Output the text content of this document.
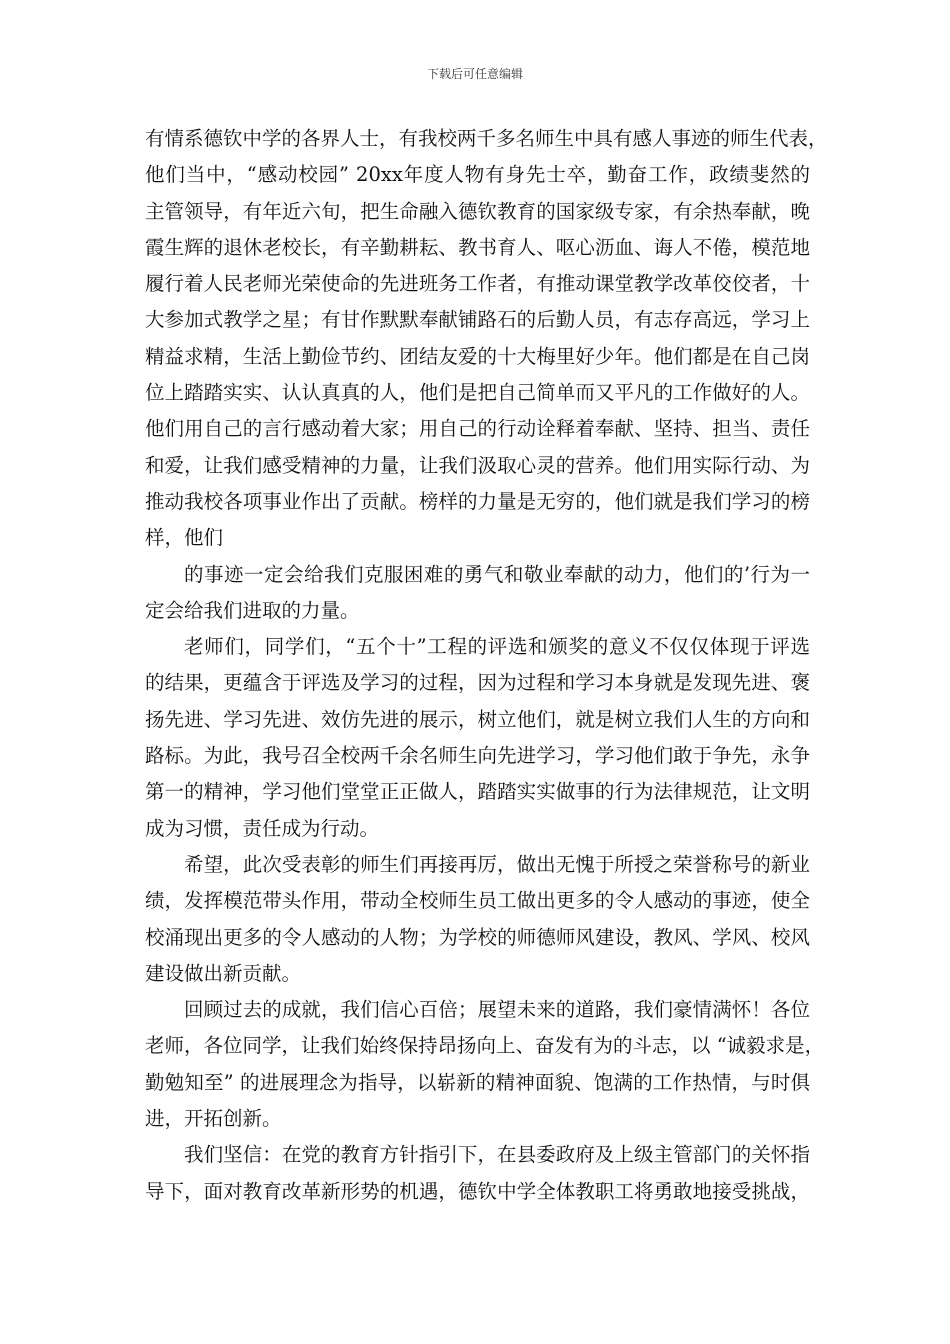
下载后可任意编辑
有情系德钦中学的各界人士，有我校两千多名师生中具有感人事迹的师生代表，
他们当中，“感动校园” 20xx年度人物有身先士卒，勤奋工作，政绩斐然的
主管领导，有年近六旬，把生命融入德钦教育的国家级专家，有余热奉献，晚
霞生辉的退休老校长，有辛勤耕耘、教书育人、呕心沥血、诲人不倦，模范地
履行着人民老师光荣使命的先进班务工作者，有推动课堂教学改革佼佼者，十
大参加式教学之星；有甘作默默奉献铺路石的后勤人员，有志存高远，学习上
精益求精，生活上勤俭节约、团结友爱的十大梅里好少年。他们都是在自己岗
位上踏踏实实、认认真真的人，他们是把自己简单而又平凡的工作做好的人。
他们用自己的言行感动着大家；用自己的行动诠释着奉献、坚持、担当、责任
和爱，让我们感受精神的力量，让我们汲取心灵的营养。他们用实际行动、为
推动我校各项事业作出了贡献。榜样的力量是无穷的，他们就是我们学习的榜
样，他们
的事迹一定会给我们克服困难的勇气和敬业奉献的动力，他们的’行为一
定会给我们进取的力量。
老师们，同学们，“五个十”工程的评选和颁奖的意义不仅仅体现于评选
的结果，更蕴含于评选及学习的过程，因为过程和学习本身就是发现先进、褒
扬先进、学习先进、效仿先进的展示，树立他们，就是树立我们人生的方向和
路标。为此，我号召全校两千余名师生向先进学习，学习他们敢于争先，永争
第一的精神，学习他们堂堂正正做人，踏踏实实做事的行为法律规范，让文明
成为习惯，责任成为行动。
希望，此次受表彰的师生们再接再厉，做出无愧于所授之荣誉称号的新业
绩，发挥模范带头作用，带动全校师生员工做出更多的令人感动的事迹，使全
校涌现出更多的令人感动的人物；为学校的师德师风建设，教风、学风、校风
建设做出新贡献。
回顾过去的成就，我们信心百倍；展望未来的道路，我们豪情满怀！各位
老师，各位同学，让我们始终保持昂扬向上、奋发有为的斗志，以 “诚毅求是，
勤勉知至” 的进展理念为指导，以崭新的精神面貌、饱满的工作热情，与时俱
进，开拓创新。
我们坚信：在党的教育方针指引下，在县委政府及上级主管部门的关怀指
导下，面对教育改革新形势的机遇，德钦中学全体教职工将勇敢地接受挑战，
